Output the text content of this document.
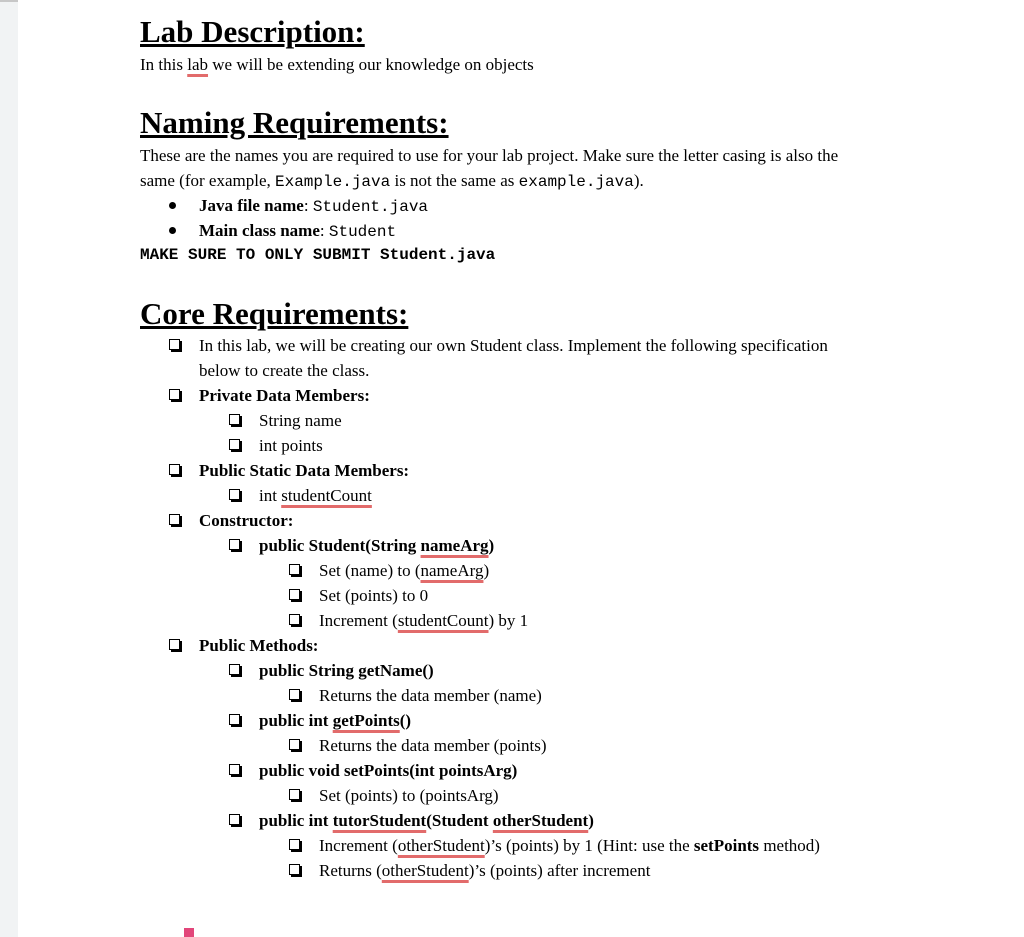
Lab Description:
In this lab we will be extending our knowledge on objects
Naming Requirements:
These are the names you are required to use for your lab project. Make sure the letter casing is also the
same (for example, Example.java is not the same as example.java).
Java file name: Student.java
Main class name: Student
MAKE SURE TO ONLY SUBMIT Student.java
Core Requirements:
In this lab, we will be creating our own Student class. Implement the following specification
below to create the class.
Private Data Members:
String name
int points
Public Static Data Members:
int studentCount
Constructor:
public Student(String nameArg)
Set (name) to (nameArg)
Set (points) to 0
Increment (studentCount) by 1
Public Methods:
public String getName()
Returns the data member (name)
public int getPoints()
Returns the data member (points)
public void setPoints(int pointsArg)
Set (points) to (pointsArg)
public int tutorStudent(Student otherStudent)
Increment (otherStudent)’s (points) by 1 (Hint: use the setPoints method)
Returns (otherStudent)’s (points) after increment
